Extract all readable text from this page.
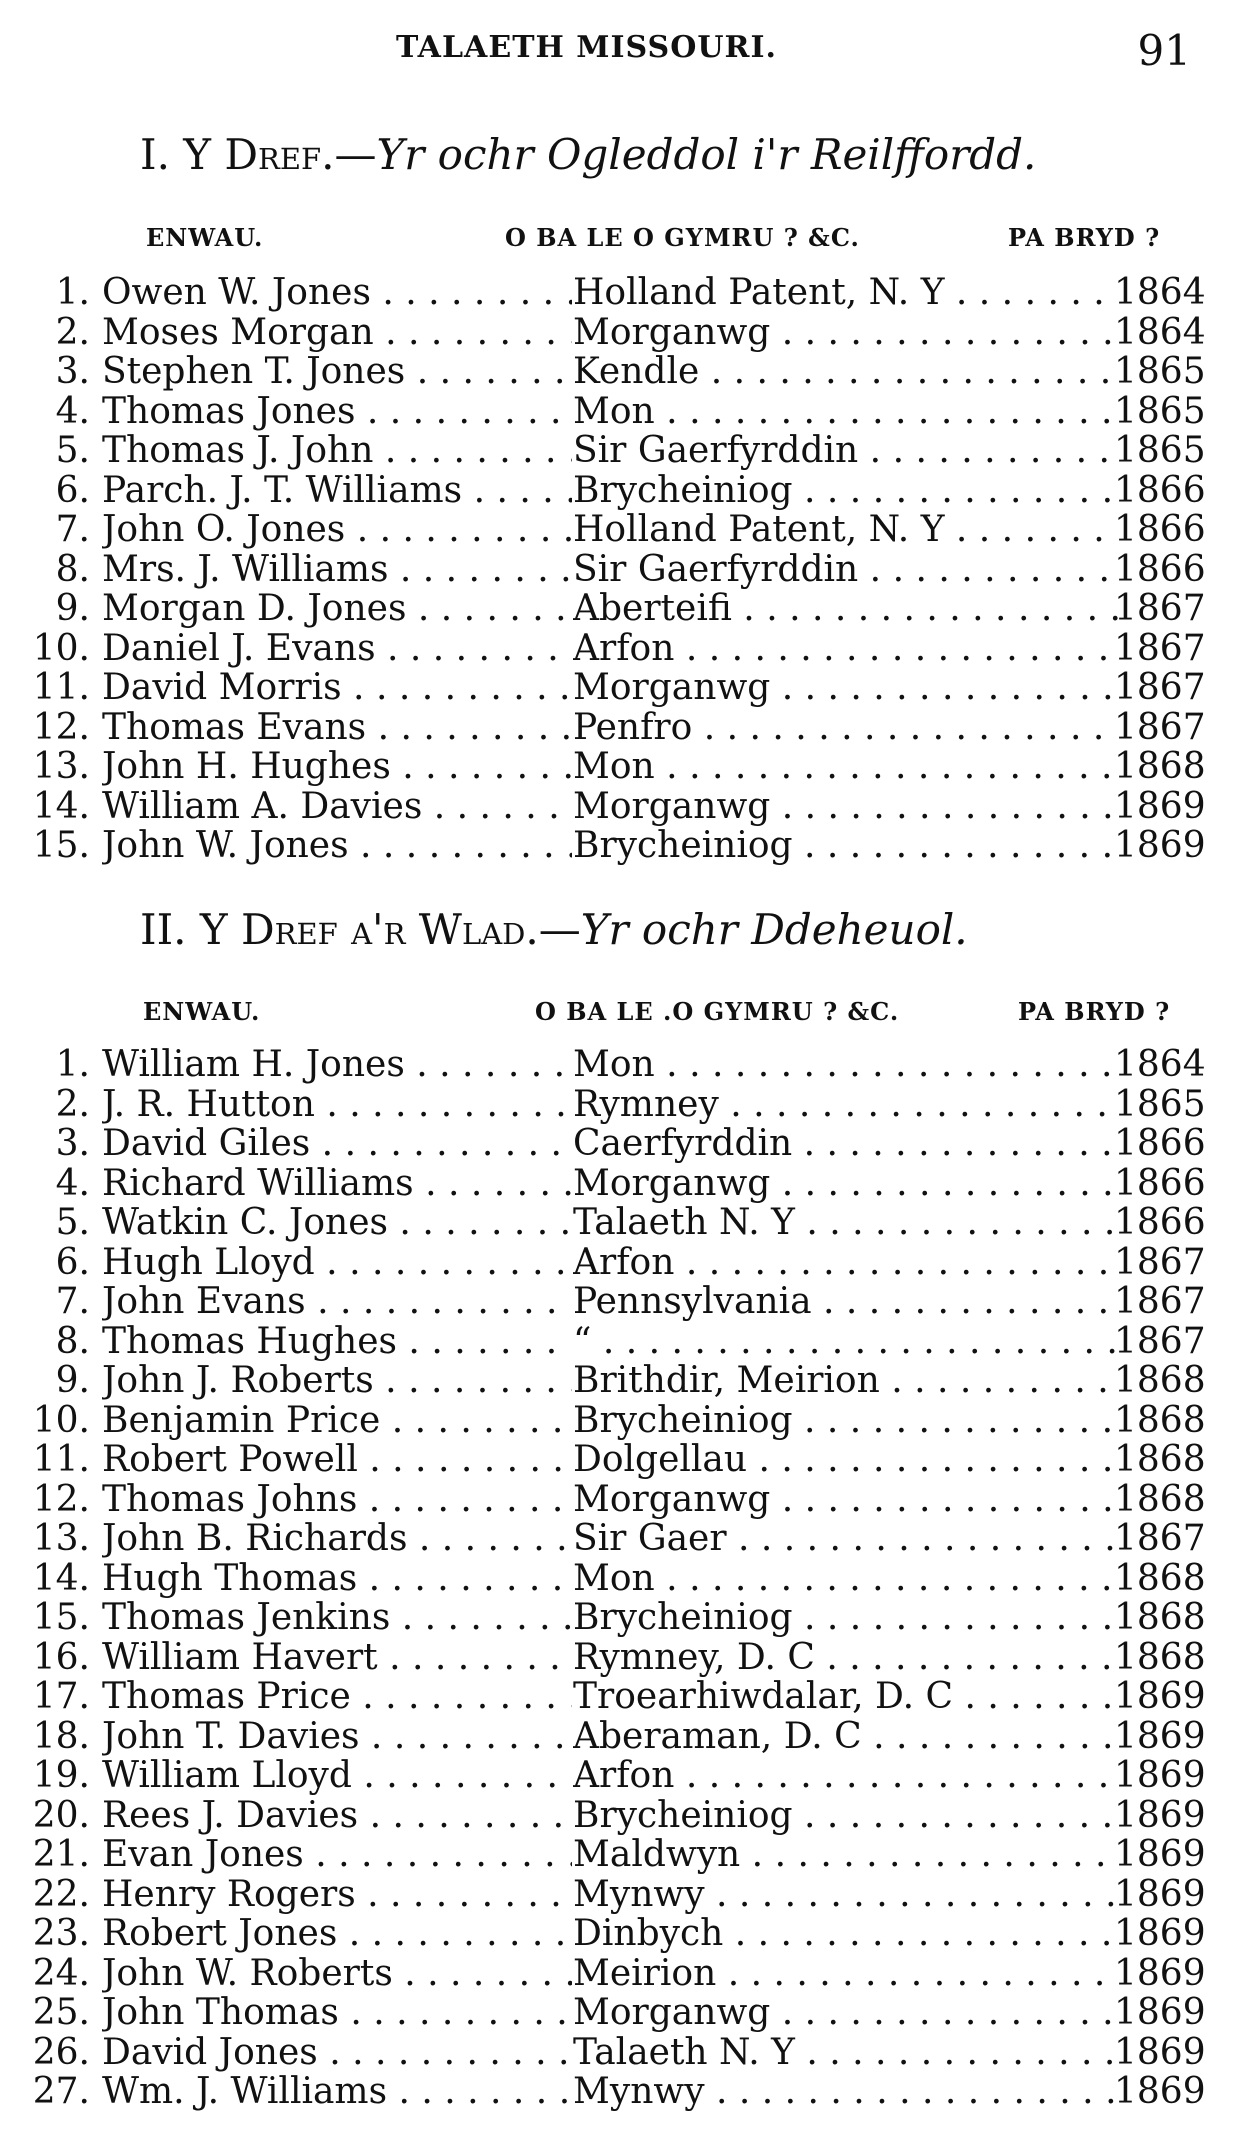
TALAETH MISSOURI.	91
I. Y Dref.—Yr ochr Ogleddol i'r Reilffordd.
ENWAU.	O BA LE O GYMRU ? &C.	PA BRYD ?
1. Owen W. Jones . . .	Holland Patent, N. Y . . .	1864
2. Moses Morgan . . .	Morganwg . . .	1864
3. Stephen T. Jones . . .	Kendle . . .	1865
4. Thomas Jones . . .	Mon . . .	1865
5. Thomas J. John . . .	Sir Gaerfyrddin . . .	1865
6. Parch. J. T. Williams . . .	Brycheiniog . . .	1866
7. John O. Jones . . .	Holland Patent, N. Y . . .	1866
8. Mrs. J. Williams . . .	Sir Gaerfyrddin . . .	1866
9. Morgan D. Jones . . .	Aberteifi . . .	1867
10. Daniel J. Evans . . .	Arfon . . .	1867
11. David Morris . . .	Morganwg . . .	1867
12. Thomas Evans . . .	Penfro . . .	1867
13. John H. Hughes . . .	Mon . . .	1868
14. William A. Davies . . .	Morganwg . . .	1869
15. John W. Jones . . .	Brycheiniog . . .	1869
II. Y Dref a'r Wlad.—Yr ochr Ddeheuol.
ENWAU.	O BA LE .O GYMRU ? &C.	PA BRYD ?
1. William H. Jones . . .	Mon . . .	1864
2. J. R. Hutton . . .	Rymney . . .	1865
3. David Giles . . .	Caerfyrddin . . .	1866
4. Richard Williams . . .	Morganwg . . .	1866
5. Watkin C. Jones . . .	Talaeth N. Y . . .	1866
6. Hugh Lloyd . . .	Arfon . . .	1867
7. John Evans . . .	Pennsylvania . . .	1867
8. Thomas Hughes . . .	“ . . .	1867
9. John J. Roberts . . .	Brithdir, Meirion . . .	1868
10. Benjamin Price . . .	Brycheiniog . . .	1868
11. Robert Powell . . .	Dolgellau . . .	1868
12. Thomas Johns . . .	Morganwg . . .	1868
13. John B. Richards . . .	Sir Gaer . . .	1867
14. Hugh Thomas . . .	Mon . . .	1868
15. Thomas Jenkins . . .	Brycheiniog . . .	1868
16. William Havert . . .	Rymney, D. C . . .	1868
17. Thomas Price . . .	Troearhiwdalar, D. C . . .	1869
18. John T. Davies . . .	Aberaman, D. C . . .	1869
19. William Lloyd . . .	Arfon . . .	1869
20. Rees J. Davies . . .	Brycheiniog . . .	1869
21. Evan Jones . . .	Maldwyn . . .	1869
22. Henry Rogers . . .	Mynwy . . .	1869
23. Robert Jones . . .	Dinbych . . .	1869
24. John W. Roberts . . .	Meirion . . .	1869
25. John Thomas . . .	Morganwg . . .	1869
26. David Jones . . .	Talaeth N. Y . . .	1869
27. Wm. J. Williams . . .	Mynwy . . .	1869
